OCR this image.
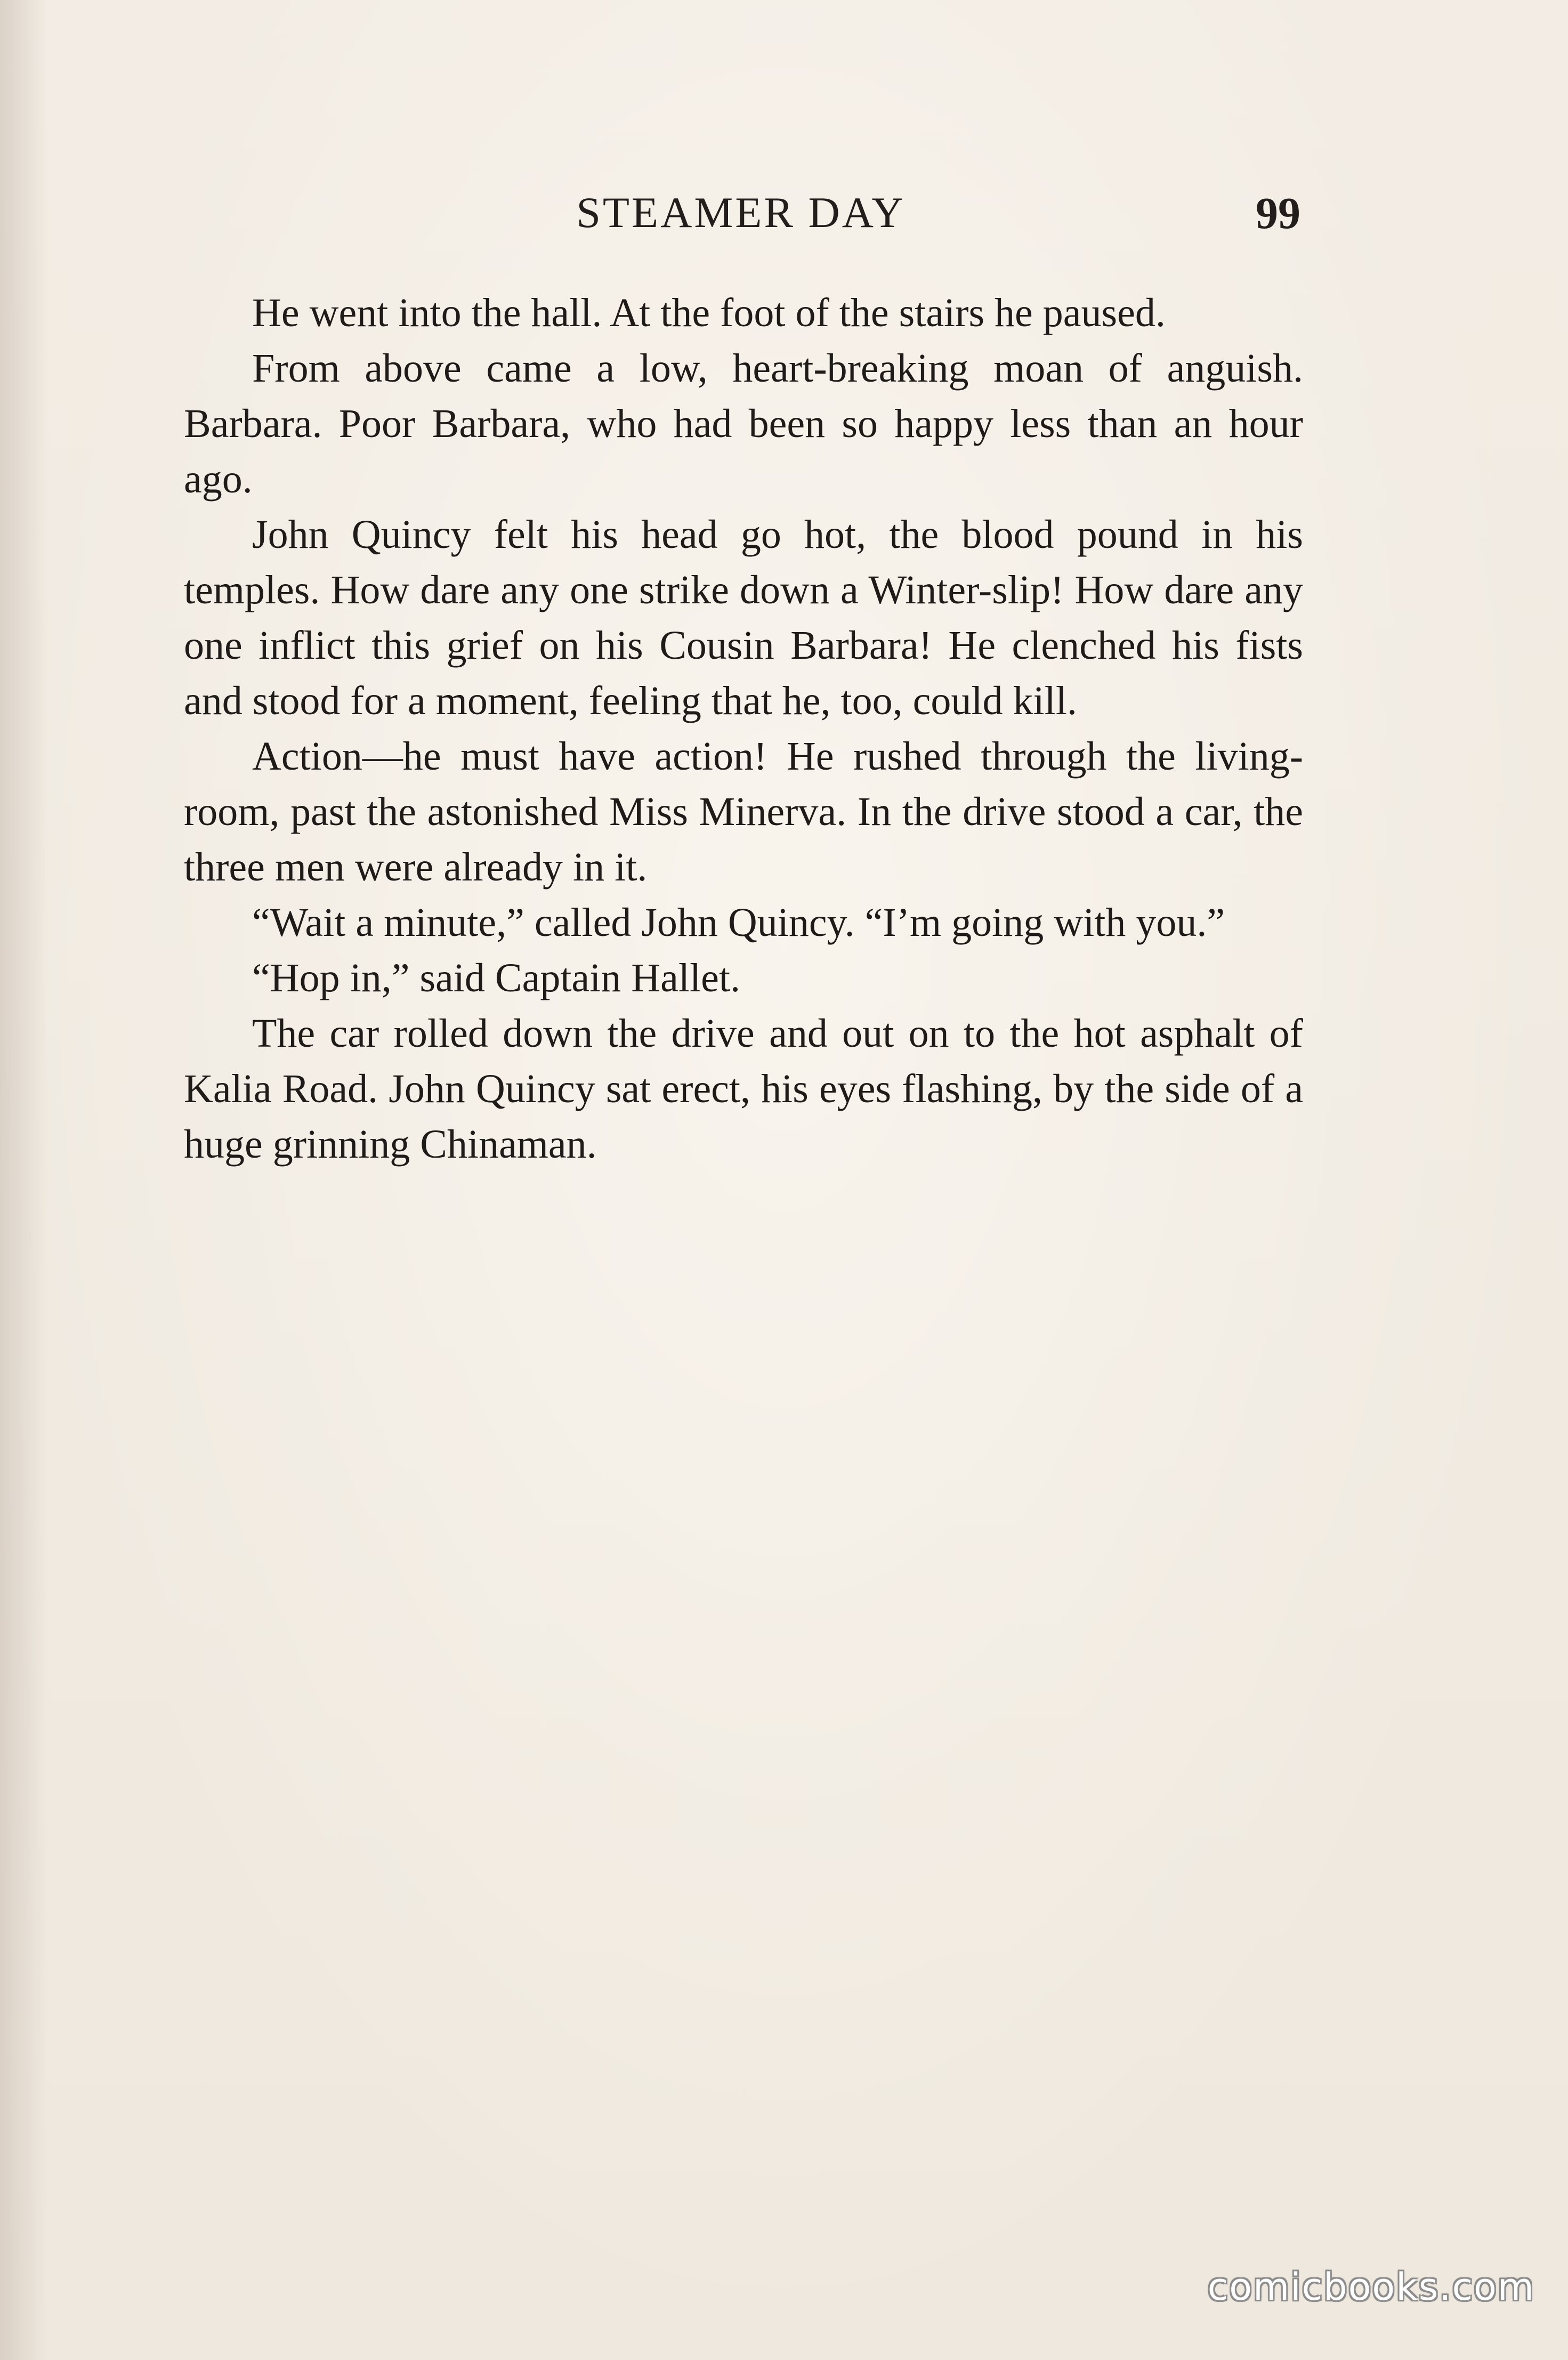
STEAMER DAY	99

He went into the hall. At the foot of the stairs he paused.

From above came a low, heart-breaking moan of anguish. Barbara. Poor Barbara, who had been so happy less than an hour ago.

John Quincy felt his head go hot, the blood pound in his temples. How dare any one strike down a Winter-slip! How dare any one inflict this grief on his Cousin Barbara! He clenched his fists and stood for a moment, feeling that he, too, could kill.

Action—he must have action! He rushed through the living-room, past the astonished Miss Minerva. In the drive stood a car, the three men were already in it.

“Wait a minute,” called John Quincy. “I’m going with you.”

“Hop in,” said Captain Hallet.

The car rolled down the drive and out on to the hot asphalt of Kalia Road. John Quincy sat erect, his eyes flashing, by the side of a huge grinning Chinaman.

comicbooks.com
